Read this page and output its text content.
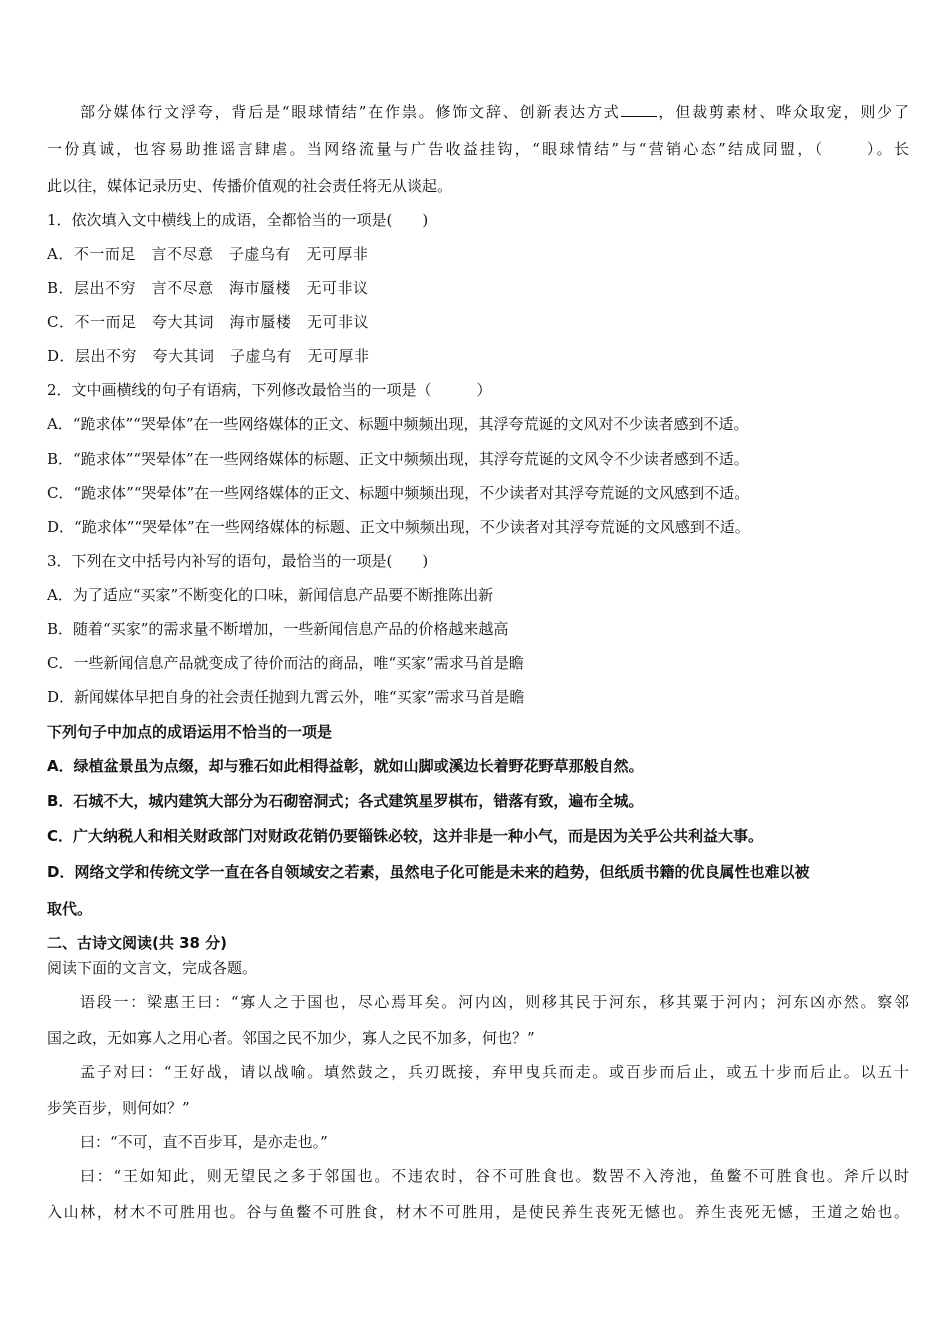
部分媒体行文浮夸，背后是“眼球情结”在作祟。修饰文辞、创新表达方式 ，但裁剪素材、哗众取宠，则少了
一份真诚，也容易助推谣言肆虐。当网络流量与广告收益挂钩，“眼球情结”与“营销心态”结成同盟，（	）。长
此以往，媒体记录历史、传播价值观的社会责任将无从谈起。
1．依次填入文中横线上的成语，全都恰当的一项是(　　)
A．不一而足　言不尽意　子虚乌有　无可厚非
B．层出不穷　言不尽意　海市蜃楼　无可非议
C．不一而足　夸大其词　海市蜃楼　无可非议
D．层出不穷　夸大其词　子虚乌有　无可厚非
2．文中画横线的句子有语病，下列修改最恰当的一项是（　　　）
A．“跪求体”“哭晕体”在一些网络媒体的正文、标题中频频出现，其浮夸荒诞的文风对不少读者感到不适。
B．“跪求体”“哭晕体”在一些网络媒体的标题、正文中频频出现，其浮夸荒诞的文风令不少读者感到不适。
C．“跪求体”“哭晕体”在一些网络媒体的正文、标题中频频出现，不少读者对其浮夸荒诞的文风感到不适。
D．“跪求体”“哭晕体”在一些网络媒体的标题、正文中频频出现，不少读者对其浮夸荒诞的文风感到不适。
3．下列在文中括号内补写的语句，最恰当的一项是(　　)
A．为了适应“买家”不断变化的口味，新闻信息产品要不断推陈出新
B．随着“买家”的需求量不断增加，一些新闻信息产品的价格越来越高
C．一些新闻信息产品就变成了待价而沽的商品，唯“买家”需求马首是瞻
D．新闻媒体早把自身的社会责任抛到九霄云外，唯“买家”需求马首是瞻
下列句子中加点的成语运用不恰当的一项是
A．绿植盆景虽为点缀，却与雅石如此相得益彰，就如山脚或溪边长着野花野草那般自然。
B．石城不大，城内建筑大部分为石砌窑洞式；各式建筑星罗棋布，错落有致，遍布全城。
C．广大纳税人和相关财政部门对财政花销仍要锱铢必较，这并非是一种小气，而是因为关乎公共利益大事。
D．网络文学和传统文学一直在各自领域安之若素，虽然电子化可能是未来的趋势，但纸质书籍的优良属性也难以被
取代。
二、古诗文阅读(共 38 分)
阅读下面的文言文，完成各题。
语段一：梁惠王曰：“寡人之于国也，尽心焉耳矣。河内凶，则移其民于河东，移其粟于河内；河东凶亦然。察邻
国之政，无如寡人之用心者。邻国之民不加少，寡人之民不加多，何也？”
孟子对曰：“王好战，请以战喻。填然鼓之，兵刃既接，弃甲曳兵而走。或百步而后止，或五十步而后止。以五十
步笑百步，则何如？”
曰：“不可，直不百步耳，是亦走也。”
曰：“王如知此，则无望民之多于邻国也。不违农时，谷不可胜食也。数罟不入洿池，鱼鳖不可胜食也。斧斤以时
入山林，材木不可胜用也。谷与鱼鳖不可胜食，材木不可胜用，是使民养生丧死无憾也。养生丧死无憾，王道之始也。
